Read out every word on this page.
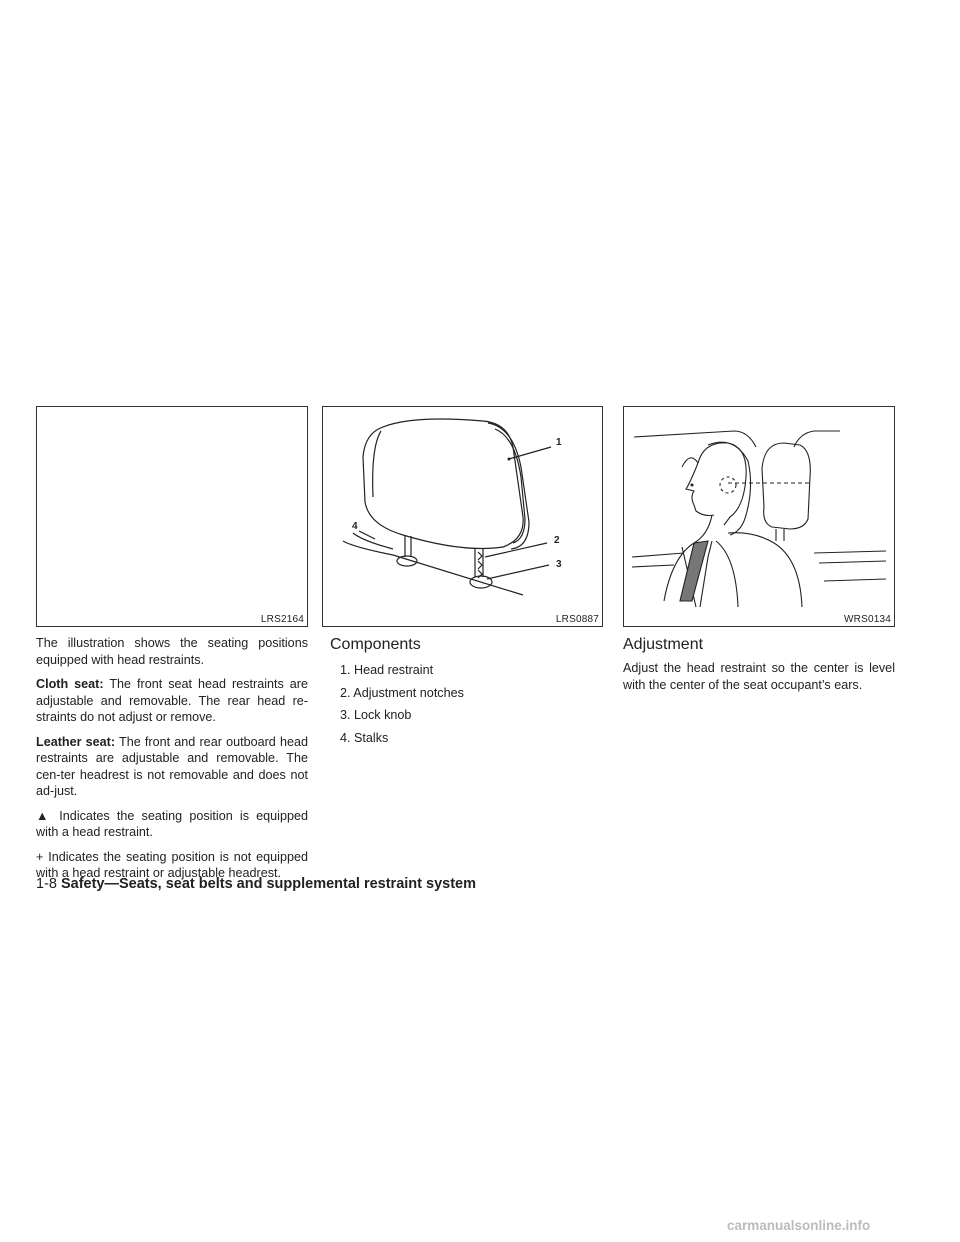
LRS2164
1
2
3
4
LRS0887	WRS0134

The illustration shows the seating positions equipped with head restraints.

Cloth seat: The front seat head restraints are adjustable and removable. The rear head re-straints do not adjust or remove.

Leather seat: The front and rear outboard head restraints are adjustable and removable. The cen-ter headrest is not removable and does not ad-just.

▲ Indicates the seating position is equipped with a head restraint.

+ Indicates the seating position is not equipped with a head restraint or adjustable headrest.

Components
1. Head restraint
2. Adjustment notches
3. Lock knob
4. Stalks
Adjustment

Adjust the head restraint so the center is level with the center of the seat occupant’s ears.

1-8 Safety—Seats, seat belts and supplemental restraint system
carmanualsonline.info
